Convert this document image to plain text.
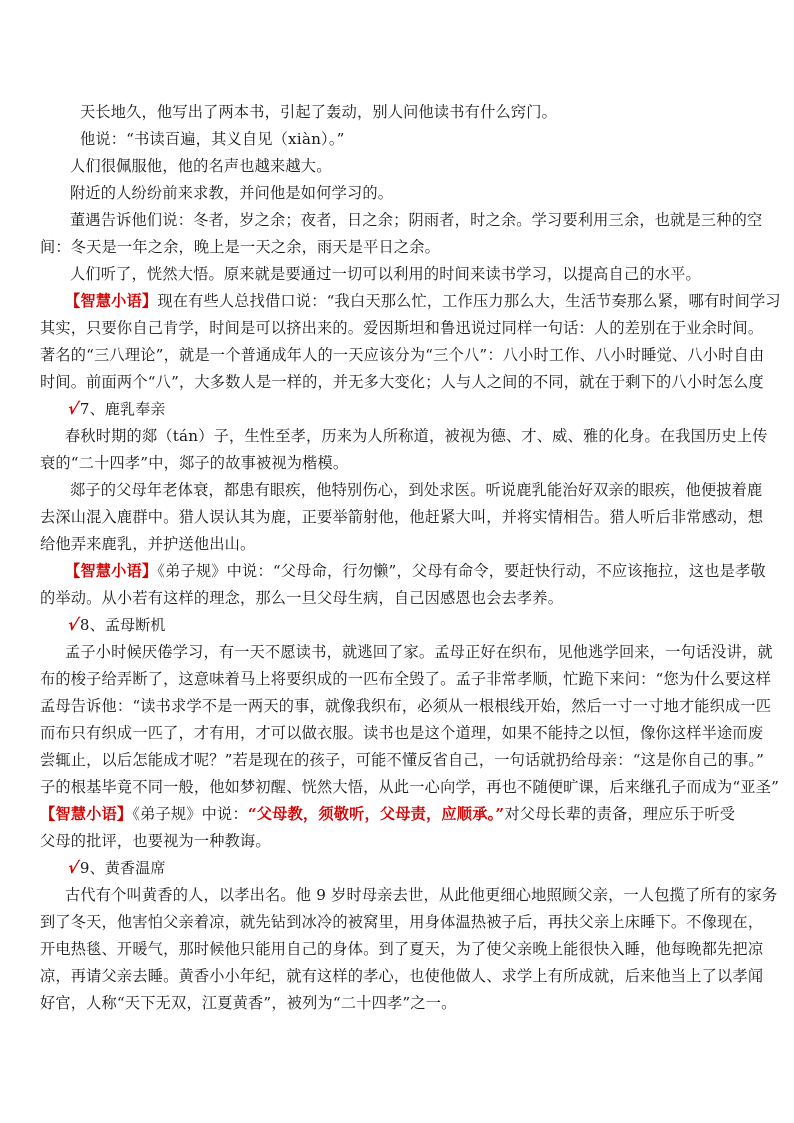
天长地久，他写出了两本书，引起了轰动，别人问他读书有什么窍门。
他说：“书读百遍，其义自见（xiàn）。”
人们很佩服他，他的名声也越来越大。
附近的人纷纷前来求教，并问他是如何学习的。
董遇告诉他们说：冬者，岁之余；夜者，日之余；阴雨者，时之余。学习要利用三余，也就是三种的空
间：冬天是一年之余，晚上是一天之余，雨天是平日之余。
人们听了，恍然大悟。原来就是要通过一切可以利用的时间来读书学习，以提高自己的水平。
【智慧小语】现在有些人总找借口说：“我白天那么忙，工作压力那么大，生活节奏那么紧，哪有时间学习
其实，只要你自己肯学，时间是可以挤出来的。爱因斯坦和鲁迅说过同样一句话：人的差别在于业余时间。
著名的“三八理论”，就是一个普通成年人的一天应该分为“三个八”：八小时工作、八小时睡觉、八小时自由
时间。前面两个“八”，大多数人是一样的，并无多大变化；人与人之间的不同，就在于剩下的八小时怎么度
√7、鹿乳奉亲
春秋时期的郯（tán）子，生性至孝，历来为人所称道，被视为德、才、威、雅的化身。在我国历史上传
衰的“二十四孝”中，郯子的故事被视为楷模。
郯子的父母年老体衰，都患有眼疾，他特别伤心，到处求医。听说鹿乳能治好双亲的眼疾，他便披着鹿
去深山混入鹿群中。猎人误认其为鹿，正要举箭射他，他赶紧大叫，并将实情相告。猎人听后非常感动，想
给他弄来鹿乳，并护送他出山。
【智慧小语】《弟子规》中说：“父母命，行勿懒”，父母有命令，要赶快行动，不应该拖拉，这也是孝敬
的举动。从小若有这样的理念，那么一旦父母生病，自己因感恩也会去孝养。
√8、孟母断机
孟子小时候厌倦学习，有一天不愿读书，就逃回了家。孟母正好在织布，见他逃学回来，一句话没讲，就
布的梭子给弄断了，这意味着马上将要织成的一匹布全毁了。孟子非常孝顺，忙跪下来问：“您为什么要这样
孟母告诉他：“读书求学不是一两天的事，就像我织布，必须从一根根线开始，然后一寸一寸地才能织成一匹
而布只有织成一匹了，才有用，才可以做衣服。读书也是这个道理，如果不能持之以恒，像你这样半途而废
尝辄止，以后怎能成才呢？”若是现在的孩子，可能不懂反省自己，一句话就扔给母亲：“这是你自己的事。”
子的根基毕竟不同一般，他如梦初醒、恍然大悟，从此一心向学，再也不随便旷课，后来继孔子而成为“亚圣”
【智慧小语】《弟子规》中说：“父母教，须敬听，父母责，应顺承。”对父母长辈的责备，理应乐于听受
父母的批评，也要视为一种教诲。
√9、黄香温席
古代有个叫黄香的人，以孝出名。他 9 岁时母亲去世，从此他更细心地照顾父亲，一人包揽了所有的家务
到了冬天，他害怕父亲着凉，就先钻到冰冷的被窝里，用身体温热被子后，再扶父亲上床睡下。不像现在，
开电热毯、开暖气，那时候他只能用自己的身体。到了夏天，为了使父亲晚上能很快入睡，他每晚都先把凉
凉，再请父亲去睡。黄香小小年纪，就有这样的孝心，也使他做人、求学上有所成就，后来他当上了以孝闻
好官，人称“天下无双，江夏黄香”，被列为“二十四孝”之一。
